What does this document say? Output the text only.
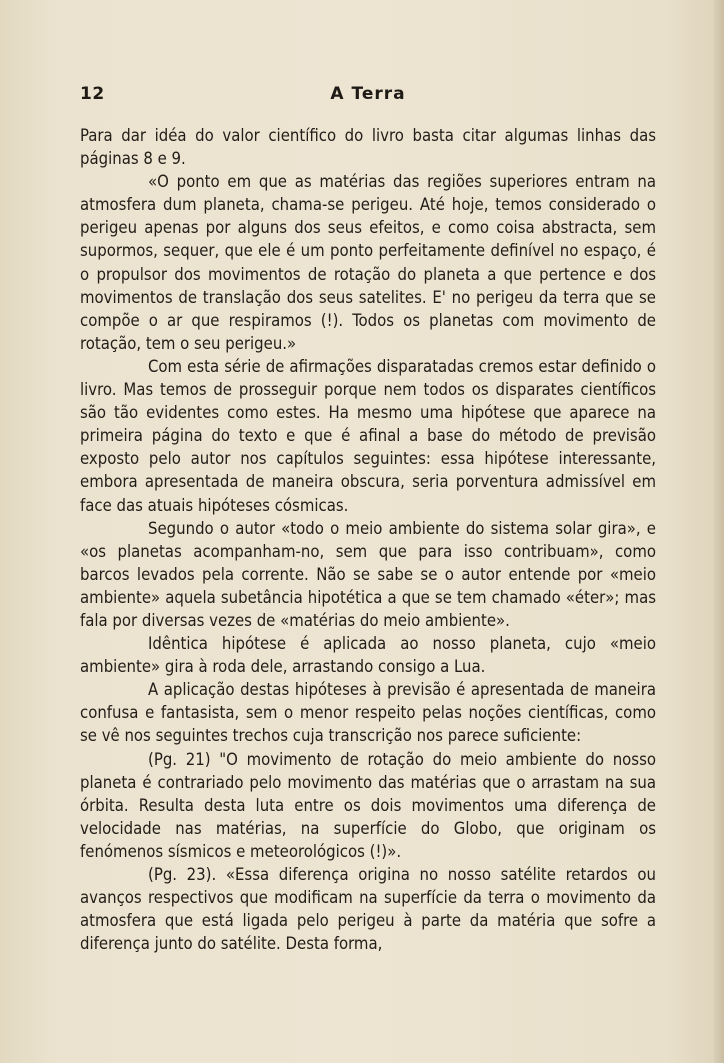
12	A Terra

Para dar idéa do valor científico do livro basta citar algumas linhas das páginas 8 e 9.

«O ponto em que as matérias das regiões superiores entram na atmosfera dum planeta, chama-se perigeu. Até hoje, temos considerado o perigeu apenas por alguns dos seus efeitos, e como coisa abstracta, sem supormos, sequer, que ele é um ponto perfeitamente definível no espaço, é o propulsor dos movimentos de rotação do planeta a que pertence e dos movimentos de translação dos seus satelites. E' no perigeu da terra que se compõe o ar que respiramos (!). Todos os planetas com movimento de rotação, tem o seu perigeu.»

Com esta série de afirmações disparatadas cremos estar definido o livro. Mas temos de prosseguir porque nem todos os disparates científicos são tão evidentes como estes. Ha mesmo uma hipótese que aparece na primeira página do texto e que é afinal a base do método de previsão exposto pelo autor nos capítulos seguintes: essa hipótese interessante, embora apresentada de maneira obscura, seria porventura admissível em face das atuais hipóteses cósmicas.

Segundo o autor «todo o meio ambiente do sistema solar gira», e «os planetas acompanham-no, sem que para isso contribuam», como barcos levados pela corrente. Não se sabe se o autor entende por «meio ambiente» aquela subetância hipotética a que se tem chamado «éter»; mas fala por diversas vezes de «matérias do meio ambiente».

Idêntica hipótese é aplicada ao nosso planeta, cujo «meio ambiente» gira à roda dele, arrastando consigo a Lua.

A aplicação destas hipóteses à previsão é apresentada de maneira confusa e fantasista, sem o menor respeito pelas noções científicas, como se vê nos seguintes trechos cuja transcrição nos parece suficiente:

(Pg. 21) "O movimento de rotação do meio ambiente do nosso planeta é contrariado pelo movimento das matérias que o arrastam na sua órbita. Resulta desta luta entre os dois movimentos uma diferença de velocidade nas matérias, na superfície do Globo, que originam os fenómenos sísmicos e meteorológicos (!)».

(Pg. 23). «Essa diferença origina no nosso satélite retardos ou avanços respectivos que modificam na superfície da terra o movimento da atmosfera que está ligada pelo perigeu à parte da matéria que sofre a diferença junto do satélite. Desta forma,
